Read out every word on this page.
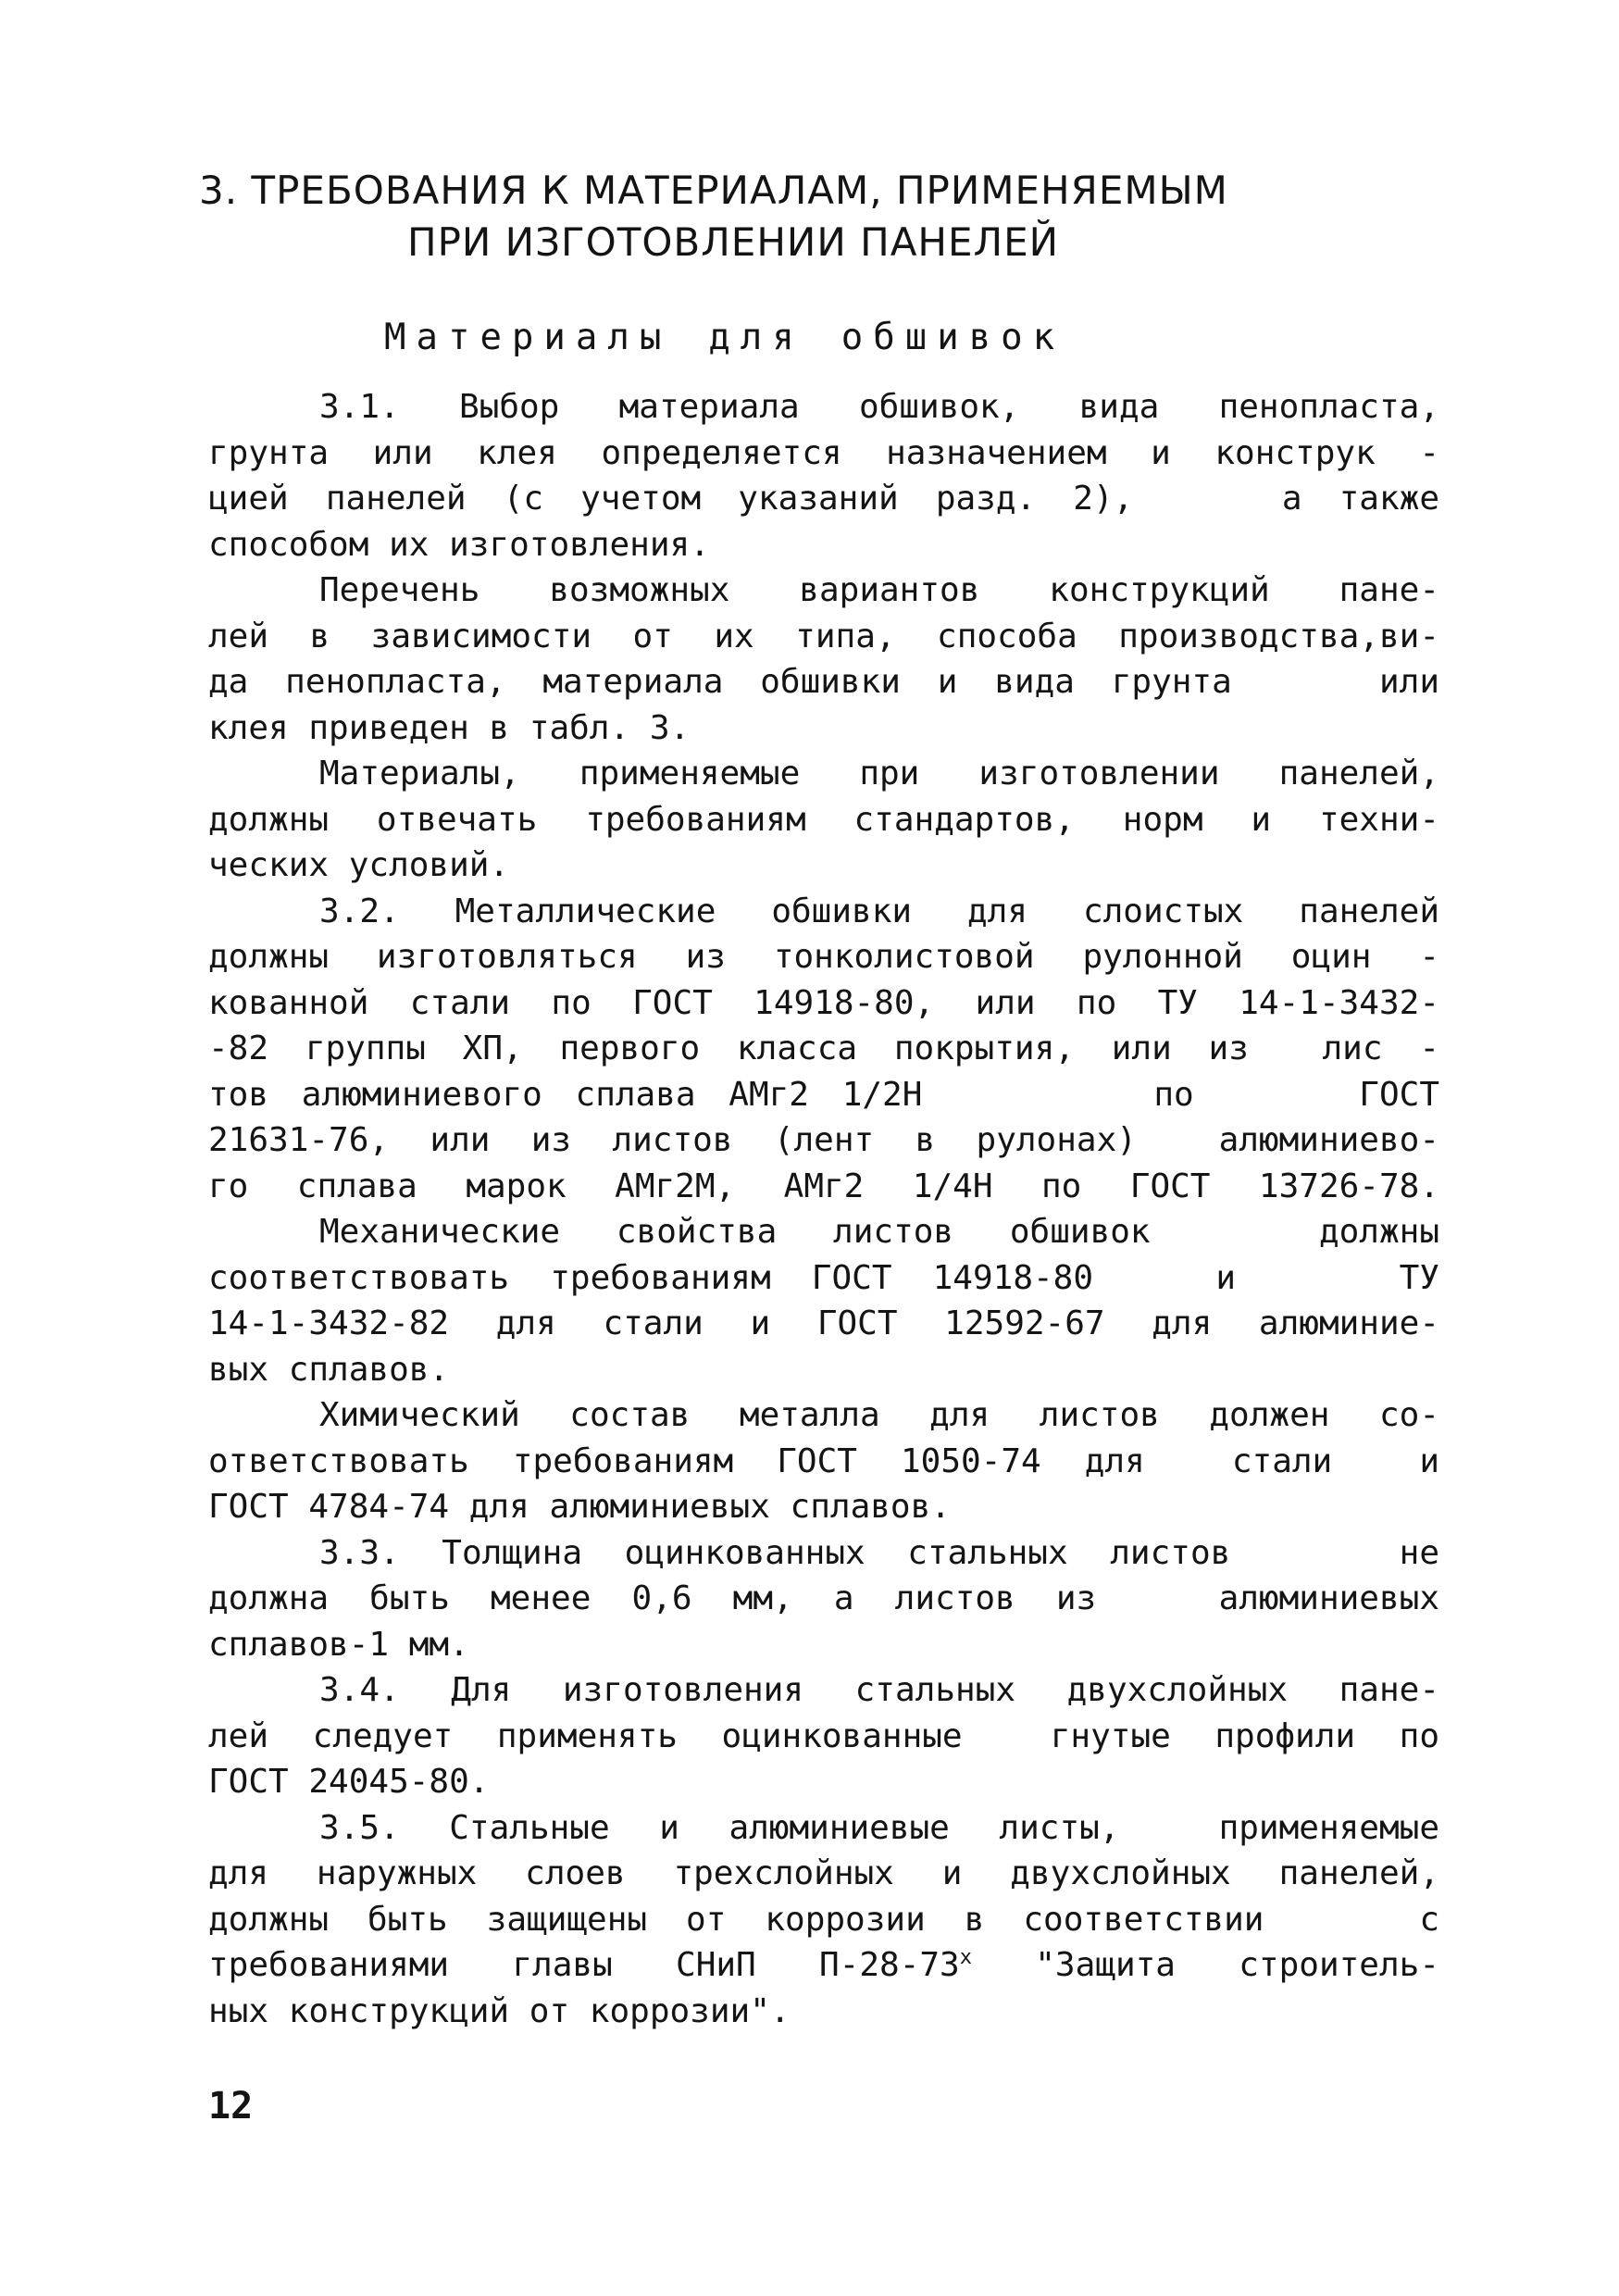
3. ТРЕБОВАНИЯ К МАТЕРИАЛАМ, ПРИМЕНЯЕМЫМ
ПРИ ИЗГОТОВЛЕНИИ ПАНЕЛЕЙ
Материалы для обшивок
3.1. Выбор материала обшивок, вида пенопласта,
грунта или клея определяется назначением и конструк -
цией панелей (с учетом указаний разд. 2),    а также
способом их изготовления.
Перечень возможных вариантов конструкций пане-
лей в зависимости от их типа, способа производства,ви-
да пенопласта, материала обшивки и вида грунта    или
клея приведен в табл. 3.
Материалы, применяемые при изготовлении панелей,
должны отвечать требованиям стандартов, норм и техни-
ческих условий.
3.2. Металлические обшивки для слоистых панелей
должны изготовляться из тонколистовой рулонной оцин -
кованной стали по ГОСТ 14918-80, или по ТУ 14-1-3432-
-82 группы ХП, первого класса покрытия, или из  лис -
тов алюминиевого сплава АМг2 1/2Н       по     ГОСТ
21631-76, или из листов (лент в рулонах)  алюминиево-
го сплава марок АМг2М, АМг2 1/4Н по ГОСТ 13726-78.
Механические свойства листов обшивок   должны
соответствовать требованиям ГОСТ 14918-80   и    ТУ
14-1-3432-82 для стали и ГОСТ 12592-67 для алюминие-
вых сплавов.
Химический состав металла для листов должен со-
ответствовать требованиям ГОСТ 1050-74 для  стали  и
ГОСТ 4784-74 для алюминиевых сплавов.
3.3. Толщина оцинкованных стальных листов    не
должна быть менее 0,6 мм, а листов из   алюминиевых
сплавов-1 мм.
3.4. Для изготовления стальных двухслойных пане-
лей следует применять оцинкованные  гнутые профили по
ГОСТ 24045-80.
3.5. Стальные и алюминиевые листы,  применяемые
для наружных слоев трехслойных и двухслойных панелей,
должны быть защищены от коррозии в соответствии    с
требованиями главы СНиП $П-28-73^х$ "Защита строитель-
ных конструкций от коррозии".
12
